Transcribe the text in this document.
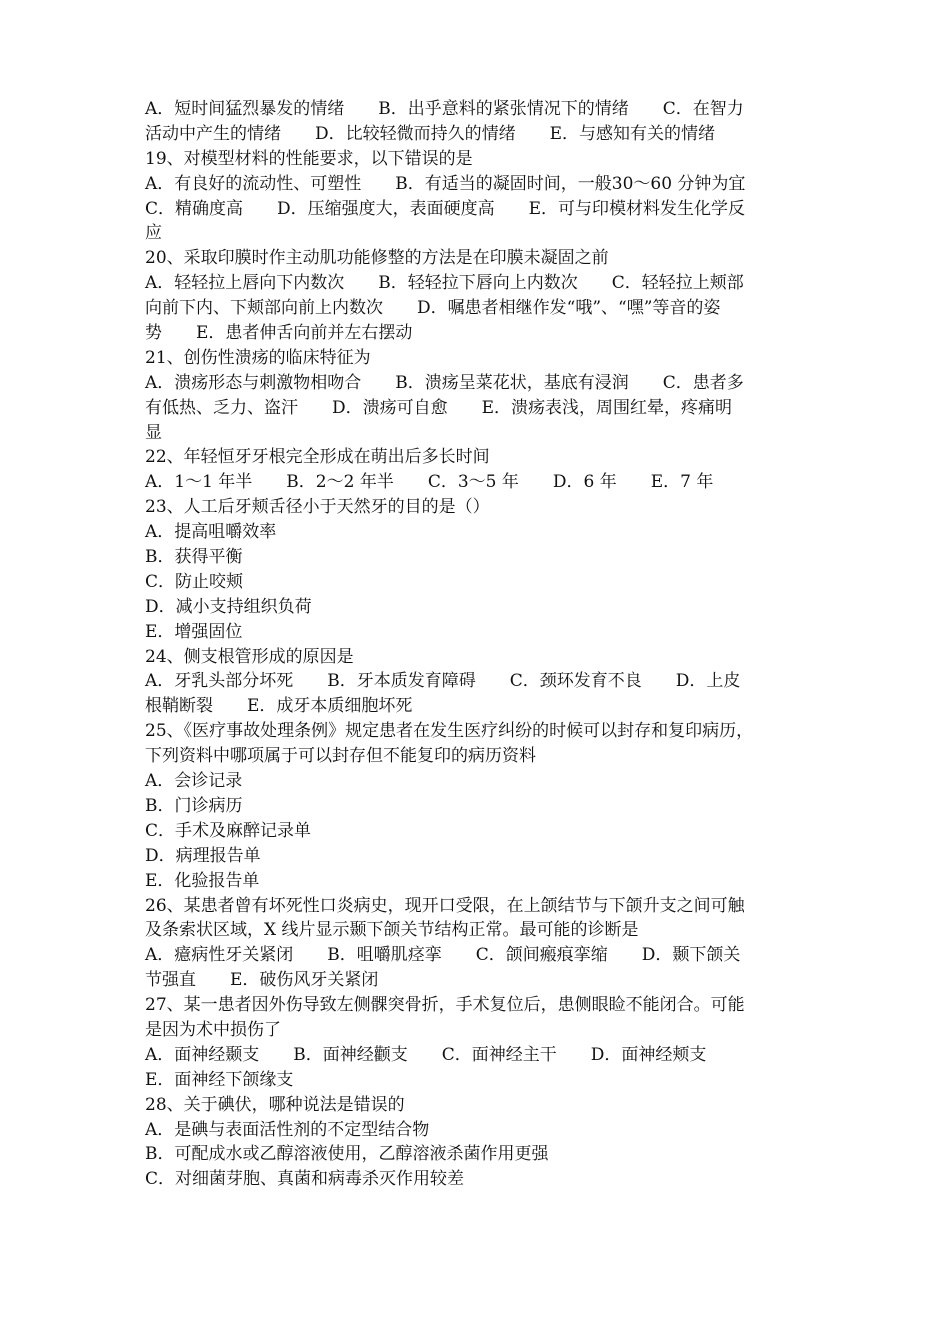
A．短时间猛烈暴发的情绪　　B．出乎意料的紧张情况下的情绪　　C．在智力
活动中产生的情绪　　D．比较轻微而持久的情绪　　E．与感知有关的情绪
19、对模型材料的性能要求，以下错误的是
A．有良好的流动性、可塑性　　B．有适当的凝固时间，一般30～60 分钟为宜
C．精确度高　　D．压缩强度大，表面硬度高　　E．可与印模材料发生化学反
应
20、采取印膜时作主动肌功能修整的方法是在印膜未凝固之前
A．轻轻拉上唇向下内数次　　B．轻轻拉下唇向上内数次　　C．轻轻拉上颊部
向前下内、下颊部向前上内数次　　D．嘱患者相继作发“哦”、“嘿”等音的姿
势　　E．患者伸舌向前并左右摆动
21、创伤性溃疡的临床特征为
A．溃疡形态与刺激物相吻合　　B．溃疡呈菜花状，基底有浸润　　C．患者多
有低热、乏力、盗汗　　D．溃疡可自愈　　E．溃疡表浅，周围红晕，疼痛明
显
22、年轻恒牙牙根完全形成在萌出后多长时间
A．1～1 年半　　B．2～2 年半　　C．3～5 年　　D．6 年　　E．7 年
23、人工后牙颊舌径小于天然牙的目的是（）
A．提高咀嚼效率
B．获得平衡
C．防止咬颊
D．减小支持组织负荷
E．增强固位
24、侧支根管形成的原因是
A．牙乳头部分坏死　　B．牙本质发育障碍　　C．颈环发育不良　　D．上皮
根鞘断裂　　E．成牙本质细胞坏死
25、《医疗事故处理条例》规定患者在发生医疗纠纷的时候可以封存和复印病历，
下列资料中哪项属于可以封存但不能复印的病历资料
A．会诊记录
B．门诊病历
C．手术及麻醉记录单
D．病理报告单
E．化验报告单
26、某患者曾有坏死性口炎病史，现开口受限，在上颌结节与下颌升支之间可触
及条索状区域，X 线片显示颞下颌关节结构正常。最可能的诊断是
A．癔病性牙关紧闭　　B．咀嚼肌痉挛　　C．颌间瘢痕挛缩　　D．颞下颌关
节强直　　E．破伤风牙关紧闭
27、某一患者因外伤导致左侧髁突骨折，手术复位后，患侧眼睑不能闭合。可能
是因为术中损伤了
A．面神经颞支　　B．面神经颧支　　C．面神经主干　　D．面神经颊支
E．面神经下颌缘支
28、关于碘伏，哪种说法是错误的
A．是碘与表面活性剂的不定型结合物
B．可配成水或乙醇溶液使用，乙醇溶液杀菌作用更强
C．对细菌芽胞、真菌和病毒杀灭作用较差
